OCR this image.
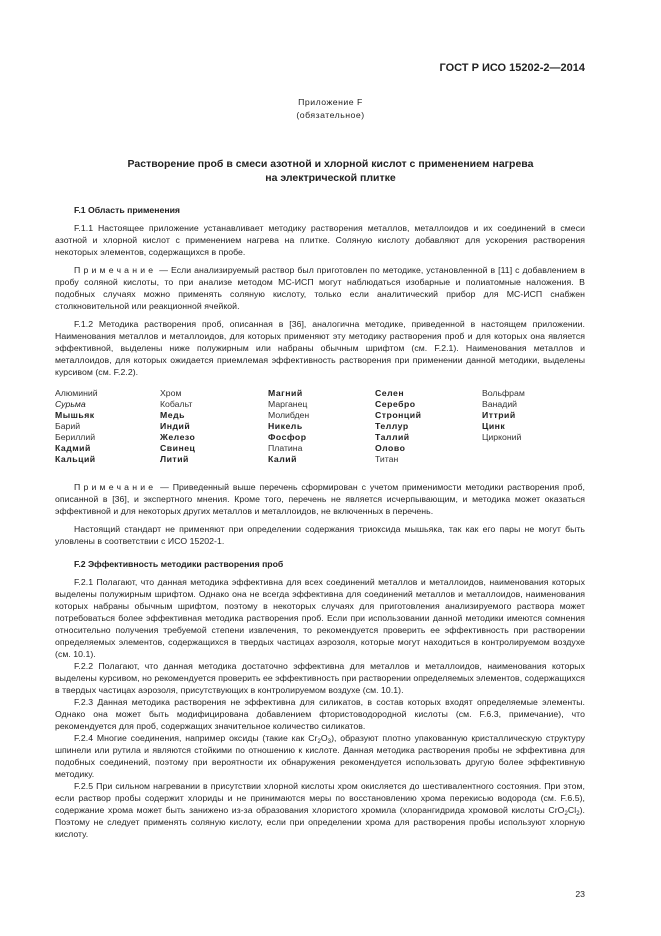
ГОСТ Р ИСО 15202-2—2014
Приложение F
(обязательное)
Растворение проб в смеси азотной и хлорной кислот с применением нагрева
на электрической плитке
F.1 Область применения
F.1.1 Настоящее приложение устанавливает методику растворения металлов, металлоидов и их соединений в смеси азотной и хлорной кислот с применением нагрева на плитке. Соляную кислоту добавляют для ускорения растворения некоторых элементов, содержащихся в пробе.
Примечание — Если анализируемый раствор был приготовлен по методике, установленной в [11] с добавлением в пробу соляной кислоты, то при анализе методом МС-ИСП могут наблюдаться изобарные и полиатомные наложения. В подобных случаях можно применять соляную кислоту, только если аналитический прибор для МС-ИСП снабжен столкновительной или реакционной ячейкой.
F.1.2 Методика растворения проб, описанная в [36], аналогична методике, приведенной в настоящем приложении. Наименования металлов и металлоидов, для которых применяют эту методику растворения проб и для которых она является эффективной, выделены ниже полужирным или набраны обычным шрифтом (см. F.2.1). Наименования металлов и металлоидов, для которых ожидается приемлемая эффективность растворения при применении данной методики, выделены курсивом (см. F.2.2).
Алюминий
Сурьма
Мышьяк
Барий
Бериллий
Кадмий
Кальций
Хром
Кобальт
Медь
Индий
Железо
Свинец
Литий
Магний
Марганец
Молибден
Никель
Фосфор
Платина
Калий
Селен
Серебро
Стронций
Теллур
Таллий
Олово
Титан
Вольфрам
Ванадий
Иттрий
Цинк
Цирконий
Примечание — Приведенный выше перечень сформирован с учетом применимости методики растворения проб, описанной в [36], и экспертного мнения. Кроме того, перечень не является исчерпывающим, и методика может оказаться эффективной и для некоторых других металлов и металлоидов, не включенных в перечень.
Настоящий стандарт не применяют при определении содержания триоксида мышьяка, так как его пары не могут быть уловлены в соответствии с ИСО 15202-1.
F.2 Эффективность методики растворения проб
F.2.1 Полагают, что данная методика эффективна для всех соединений металлов и металлоидов, наименования которых выделены полужирным шрифтом. Однако она не всегда эффективна для соединений металлов и металлоидов, наименования которых набраны обычным шрифтом, поэтому в некоторых случаях для приготовления анализируемого раствора может потребоваться более эффективная методика растворения проб. Если при использовании данной методики имеются сомнения относительно получения требуемой степени извлечения, то рекомендуется проверить ее эффективность при растворении определяемых элементов, содержащихся в твердых частицах аэрозоля, которые могут находиться в контролируемом воздухе (см. 10.1).
F.2.2 Полагают, что данная методика достаточно эффективна для металлов и металлоидов, наименования которых выделены курсивом, но рекомендуется проверить ее эффективность при растворении определяемых элементов, содержащихся в твердых частицах аэрозоля, присутствующих в контролируемом воздухе (см. 10.1).
F.2.3 Данная методика растворения не эффективна для силикатов, в состав которых входят определяемые элементы. Однако она может быть модифицирована добавлением фтористоводородной кислоты (см. F.6.3, примечание), что рекомендуется для проб, содержащих значительное количество силикатов.
F.2.4 Многие соединения, например оксиды (такие как $Cr_2O_3$), образуют плотно упакованную кристаллическую структуру шпинели или рутила и являются стойкими по отношению к кислоте. Данная методика растворения пробы не эффективна для подобных соединений, поэтому при вероятности их обнаружения рекомендуется использовать другую более эффективную методику.
F.2.5 При сильном нагревании в присутствии хлорной кислоты хром окисляется до шестивалентного состояния. При этом, если раствор пробы содержит хлориды и не принимаются меры по восстановлению хрома перекисью водорода (см. F.6.5), содержание хрома может быть занижено из-за образования хлористого хромила (хлорангидрида хромовой кислоты $CrO_2Cl_2$). Поэтому не следует применять соляную кислоту, если при определении хрома для растворения пробы используют хлорную кислоту.
23
